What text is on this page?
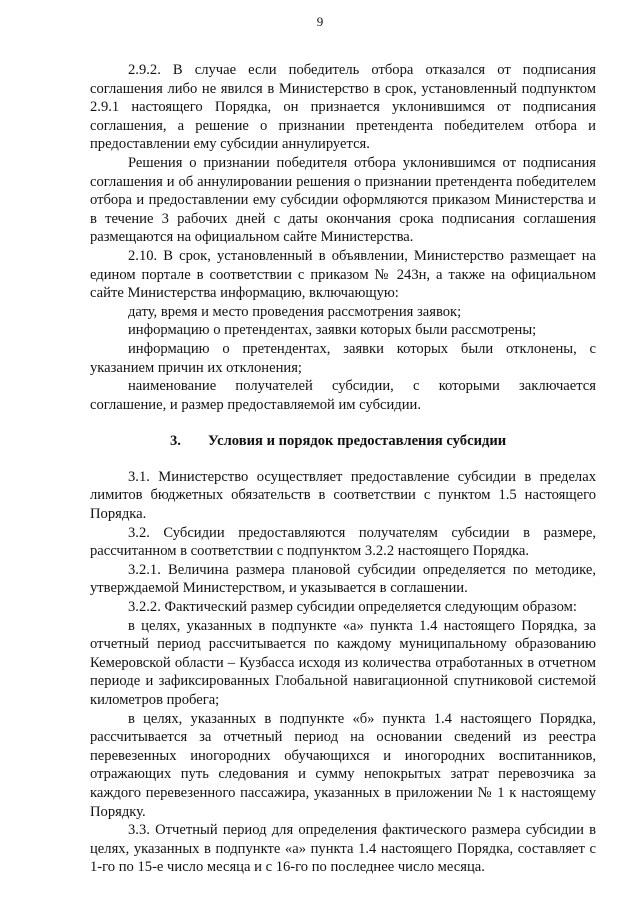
9

2.9.2. В случае если победитель отбора отказался от подписания соглашения либо не явился в Министерство в срок, установленный подпунктом 2.9.1 настоящего Порядка, он признается уклонившимся от подписания соглашения, а решение о признании претендента победителем отбора и предоставлении ему субсидии аннулируется.

Решения о признании победителя отбора уклонившимся от подписания соглашения и об аннулировании решения о признании претендента победителем отбора и предоставлении ему субсидии оформляются приказом Министерства и в течение 3 рабочих дней с даты окончания срока подписания соглашения размещаются на официальном сайте Министерства.

2.10. В срок, установленный в объявлении, Министерство размещает на едином портале в соответствии с приказом № 243н, а также на официальном сайте Министерства информацию, включающую:

дату, время и место проведения рассмотрения заявок;

информацию о претендентах, заявки которых были рассмотрены;

информацию о претендентах, заявки которых были отклонены, с указанием причин их отклонения;

наименование получателей субсидии, с которыми заключается соглашение, и размер предоставляемой им субсидии.

3. Условия и порядок предоставления субсидии

3.1. Министерство осуществляет предоставление субсидии в пределах лимитов бюджетных обязательств в соответствии с пунктом 1.5 настоящего Порядка.

3.2. Субсидии предоставляются получателям субсидии в размере, рассчитанном в соответствии с подпунктом 3.2.2 настоящего Порядка.

3.2.1. Величина размера плановой субсидии определяется по методике, утверждаемой Министерством, и указывается в соглашении.

3.2.2. Фактический размер субсидии определяется следующим образом:

в целях, указанных в подпункте «а» пункта 1.4 настоящего Порядка, за отчетный период рассчитывается по каждому муниципальному образованию Кемеровской области – Кузбасса исходя из количества отработанных в отчетном периоде и зафиксированных Глобальной навигационной спутниковой системой километров пробега;

в целях, указанных в подпункте «б» пункта 1.4 настоящего Порядка, рассчитывается за отчетный период на основании сведений из реестра перевезенных иногородних обучающихся и иногородних воспитанников, отражающих путь следования и сумму непокрытых затрат перевозчика за каждого перевезенного пассажира, указанных в приложении № 1 к настоящему Порядку.

3.3. Отчетный период для определения фактического размера субсидии в целях, указанных в подпункте «а» пункта 1.4 настоящего Порядка, составляет с 1-го по 15-е число месяца и с 16-го по последнее число месяца.
